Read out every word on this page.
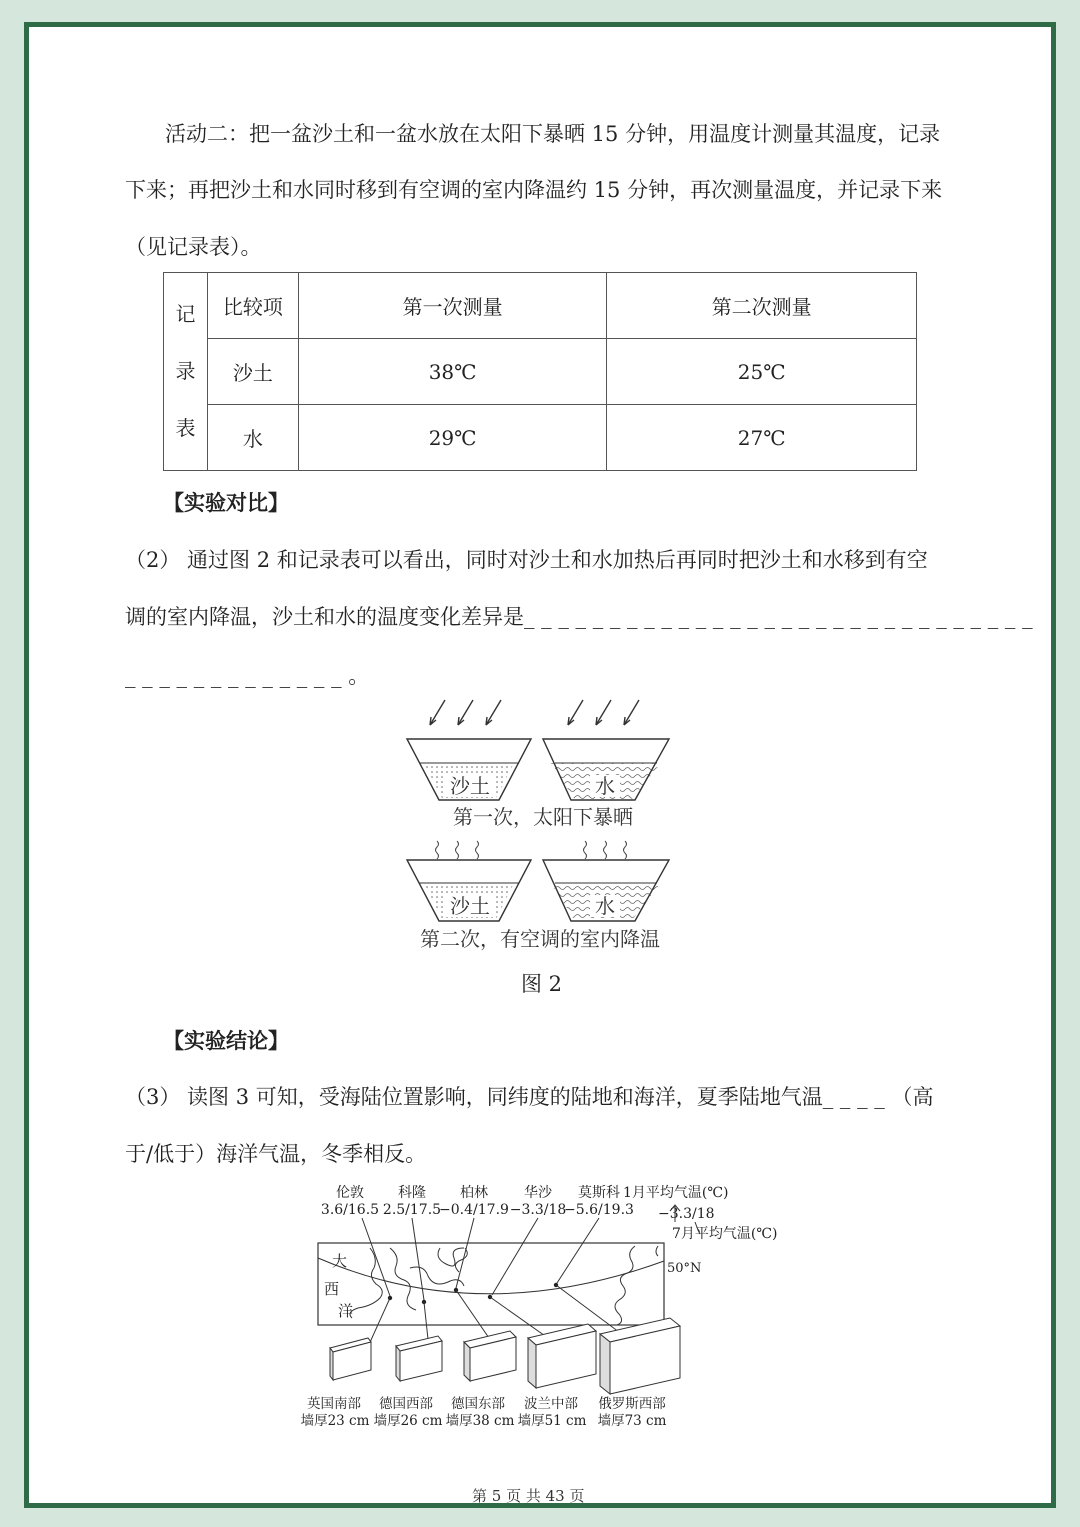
活动二：把一盆沙土和一盆水放在太阳下暴晒 15 分钟，用温度计测量其温度，记录
下来；再把沙土和水同时移到有空调的室内降温约 15 分钟，再次测量温度，并记录下来
（见记录表）。
记
录
表	比较项	第一次测量	第二次测量
	沙土	38℃	25℃
	水	29℃	27℃
【实验对比】
（2） 通过图 2 和记录表可以看出，同时对沙土和水加热后再同时把沙土和水移到有空
调的室内降温，沙土和水的温度变化差异是_ _ _ _ _ _ _ _ _ _ _ _ _ _ _ _ _ _ _ _ _ _ _ _ _ _ _ _ _ _
_ _ _ _ _ _ _ _ _ _ _ _ _ 。
沙土	水
第一次，太阳下暴晒
沙土	水
第二次，有空调的室内降温
图 2
【实验结论】
（3） 读图 3 可知，受海陆位置影响，同纬度的陆地和海洋，夏季陆地气温_ _ _ _ （高
于/低于）海洋气温，冬季相反。
伦敦
3.6/16.5
科隆
2.5/17.5
柏林
−0.4/17.9
华沙
−3.3/18
莫斯科
−5.6/19.3
1月平均气温(℃)
−3.3/18
7月平均气温(℃)
50°N
大
西
洋
英国南部
墙厚23 cm
德国西部
墙厚26 cm
德国东部
墙厚38 cm
波兰中部
墙厚51 cm
俄罗斯西部
墙厚73 cm
第 5 页 共 43 页
